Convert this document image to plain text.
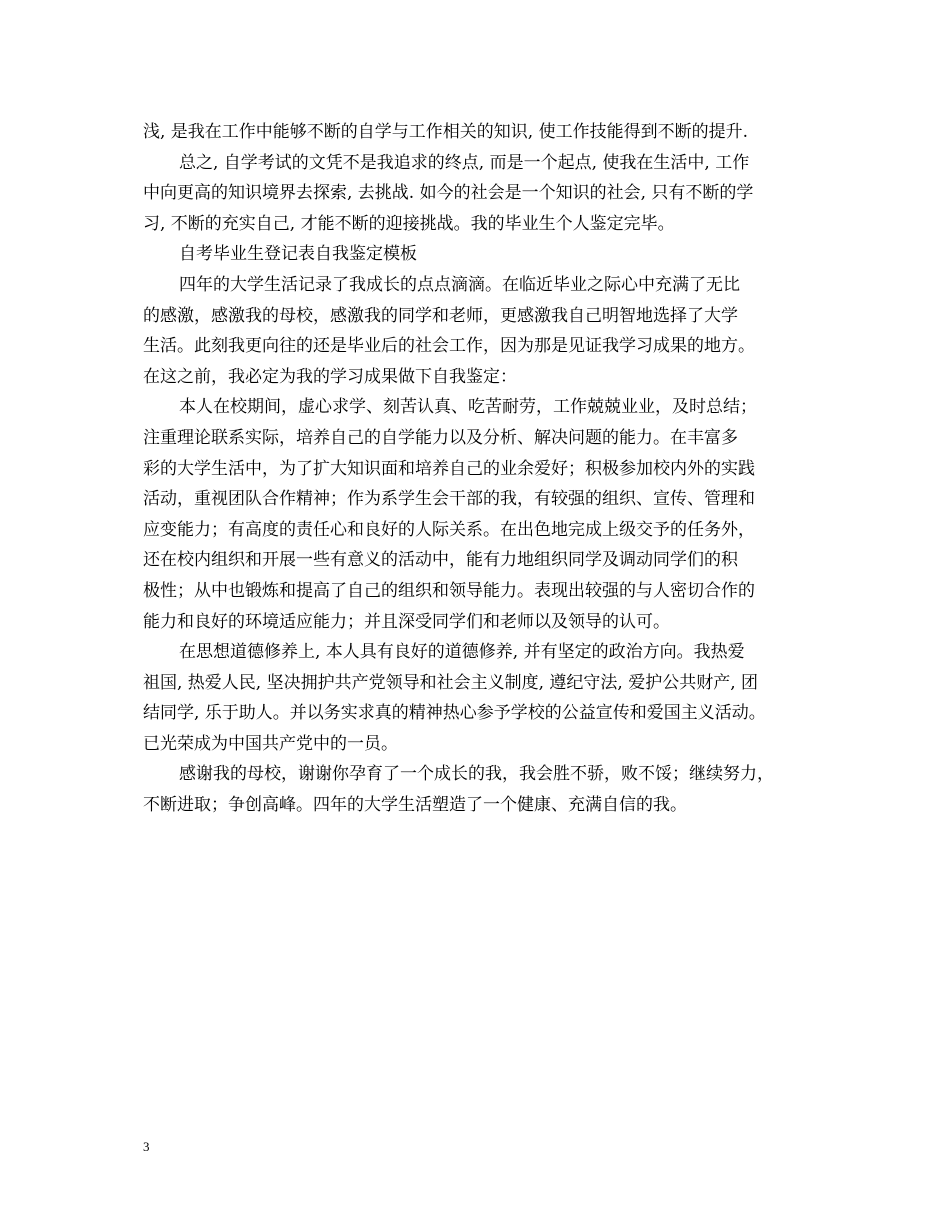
浅, 是我在工作中能够不断的自学与工作相关的知识, 使工作技能得到不断的提升.
总之, 自学考试的文凭不是我追求的终点, 而是一个起点, 使我在生活中, 工作
中向更高的知识境界去探索, 去挑战. 如今的社会是一个知识的社会, 只有不断的学
习, 不断的充实自己, 才能不断的迎接挑战。我的毕业生个人鉴定完毕。
自考毕业生登记表自我鉴定模板
四年的大学生活记录了我成长的点点滴滴。在临近毕业之际心中充满了无比
的感激，感激我的母校，感激我的同学和老师，更感激我自己明智地选择了大学
生活。此刻我更向往的还是毕业后的社会工作，因为那是见证我学习成果的地方。
在这之前，我必定为我的学习成果做下自我鉴定：
本人在校期间，虚心求学、刻苦认真、吃苦耐劳，工作兢兢业业，及时总结；
注重理论联系实际，培养自己的自学能力以及分析、解决问题的能力。在丰富多
彩的大学生活中，为了扩大知识面和培养自己的业余爱好；积极参加校内外的实践
活动，重视团队合作精神；作为系学生会干部的我，有较强的组织、宣传、管理和
应变能力；有高度的责任心和良好的人际关系。在出色地完成上级交予的任务外，
还在校内组织和开展一些有意义的活动中，能有力地组织同学及调动同学们的积
极性；从中也锻炼和提高了自己的组织和领导能力。表现出较强的与人密切合作的
能力和良好的环境适应能力；并且深受同学们和老师以及领导的认可。
在思想道德修养上, 本人具有良好的道德修养, 并有坚定的政治方向。我热爱
祖国, 热爱人民, 坚决拥护共产党领导和社会主义制度, 遵纪守法, 爱护公共财产, 团
结同学, 乐于助人。并以务实求真的精神热心参予学校的公益宣传和爱国主义活动。
已光荣成为中国共产党中的一员。
感谢我的母校，谢谢你孕育了一个成长的我，我会胜不骄，败不馁；继续努力，
不断进取；争创高峰。四年的大学生活塑造了一个健康、充满自信的我。
3
